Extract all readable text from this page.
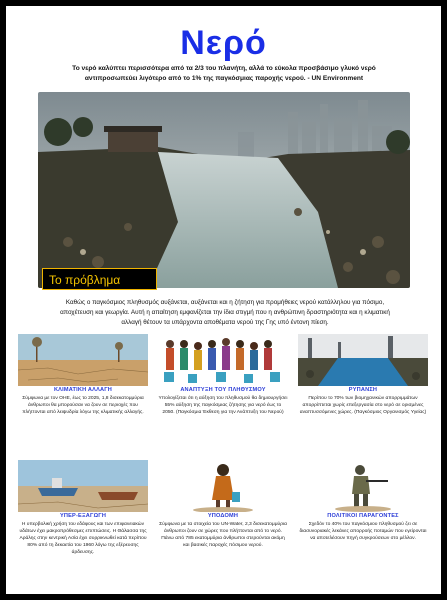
Νερό
Το νερό καλύπτει περισσότερα από τα 2/3 του πλανήτη, αλλά το εύκολα προσβάσιμο γλυκό νερό αντιπροσωπεύει λιγότερο από το 1% της παγκόσμιας παροχής νερού. - UN Environment
Το πρόβλημα
Καθώς ο παγκόσμιος πληθυσμός αυξάνεται, αυξάνεται και η ζήτηση για προμήθειες νερού κατάλληλου για πόσιμο, αποχέτευση και γεωργία. Αυτή η απαίτηση εμφανίζεται την ίδια στιγμή που η ανθρώπινη δραστηριότητα και η κλιματική αλλαγή θέτουν τα υπάρχοντα αποθέματα νερού της Γης υπό έντονη πίεση.
ΚΛΙΜΑΤΙΚΗ ΑΛΛΑΓΗ
Σύμφωνα με τον ΟΗΕ, έως το 2025, 1,8 δισεκατομμύρια άνθρωποι θα μπορούσαν να ζουν σε περιοχές που πλήττονται από λειψυδρία λόγω της κλιματικής αλλαγής.
ΑΝΑΠΤΥΞΗ ΤΟΥ ΠΛΗΘΥΣΜΟΥ
Υπολογίζεται ότι η αύξηση του πληθυσμού θα δημιουργήσει 55% αύξηση της παγκόσμιας ζήτησης για νερό έως το 2050. (Παγκόσμια Έκθεση για την Ανάπτυξη του Νερού)
ΡΥΠΑΝΣΗ
Περίπου το 70% των βιομηχανικών απορριμμάτων απορρίπτεται χωρίς επεξεργασία στο νερό σε ορισμένες αναπτυσσόμενες χώρες. (Παγκόσμιος Οργανισμός Υγείας)
ΥΠΕΡ-ΕΞΑΓΩΓΗ
Η υπερβολική χρήση του εδάφους και των επιφανειακών υδάτων έχει μακροπρόθεσμες επιπτώσεις. Η Θάλασσα της Αράλης στην κεντρική Ασία έχει συρρικνωθεί κατά περίπου 80% από τη δεκαετία του 1960 λόγω της εξέρευσης άρδευσης.
ΥΠΟΔΟΜΗ
Σύμφωνα με τα στοιχεία του UN-Water, 2,3 δισεκατομμύρια άνθρωποι ζουν σε χώρες που πλήττονται από το νερό. Πάνω από 785 εκατομμύρια άνθρωποι στερούνται ακόμη και βασικές παροχές πόσιμου νερού.
ΠΟΛΙΤΙΚΟΙ ΠΑΡΑΓΟΝΤΕΣ
Σχεδόν το 40% του παγκόσμιου πληθυσμού ζει σε διασυνοριακές λεκάνες απορροής ποταμών που εγείρονται να αποτελέσουν πηγή συγκρούσεων στο μέλλον.
